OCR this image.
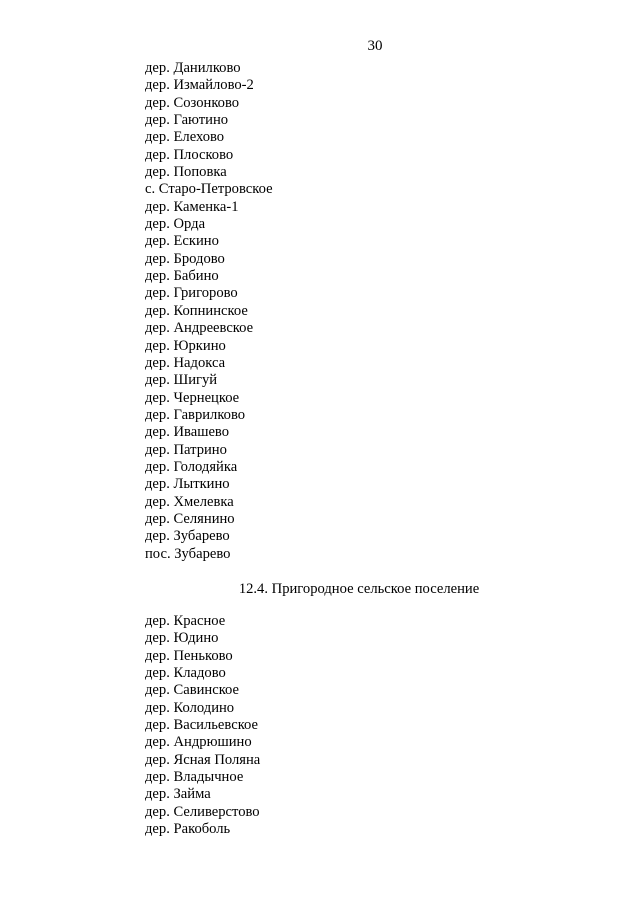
30
дер. Данилково
дер. Измайлово-2
дер. Созонково
дер. Гаютино
дер. Елехово
дер. Плосково
дер. Поповка
с. Старо-Петровское
дер. Каменка-1
дер. Орда
дер. Ескино
дер. Бродово
дер. Бабино
дер. Григорово
дер. Копнинское
дер. Андреевское
дер. Юркино
дер. Надокса
дер. Шигуй
дер. Чернецкое
дер. Гаврилково
дер. Ивашево
дер. Патрино
дер. Голодяйка
дер. Лыткино
дер. Хмелевка
дер. Селянино
дер. Зубарево
пос. Зубарево
12.4. Пригородное сельское поселение
дер. Красное
дер. Юдино
дер. Пеньково
дер. Кладово
дер. Савинское
дер. Колодино
дер. Васильевское
дер. Андрюшино
дер. Ясная Поляна
дер. Владычное
дер. Займа
дер. Селиверстово
дер. Ракоболь
